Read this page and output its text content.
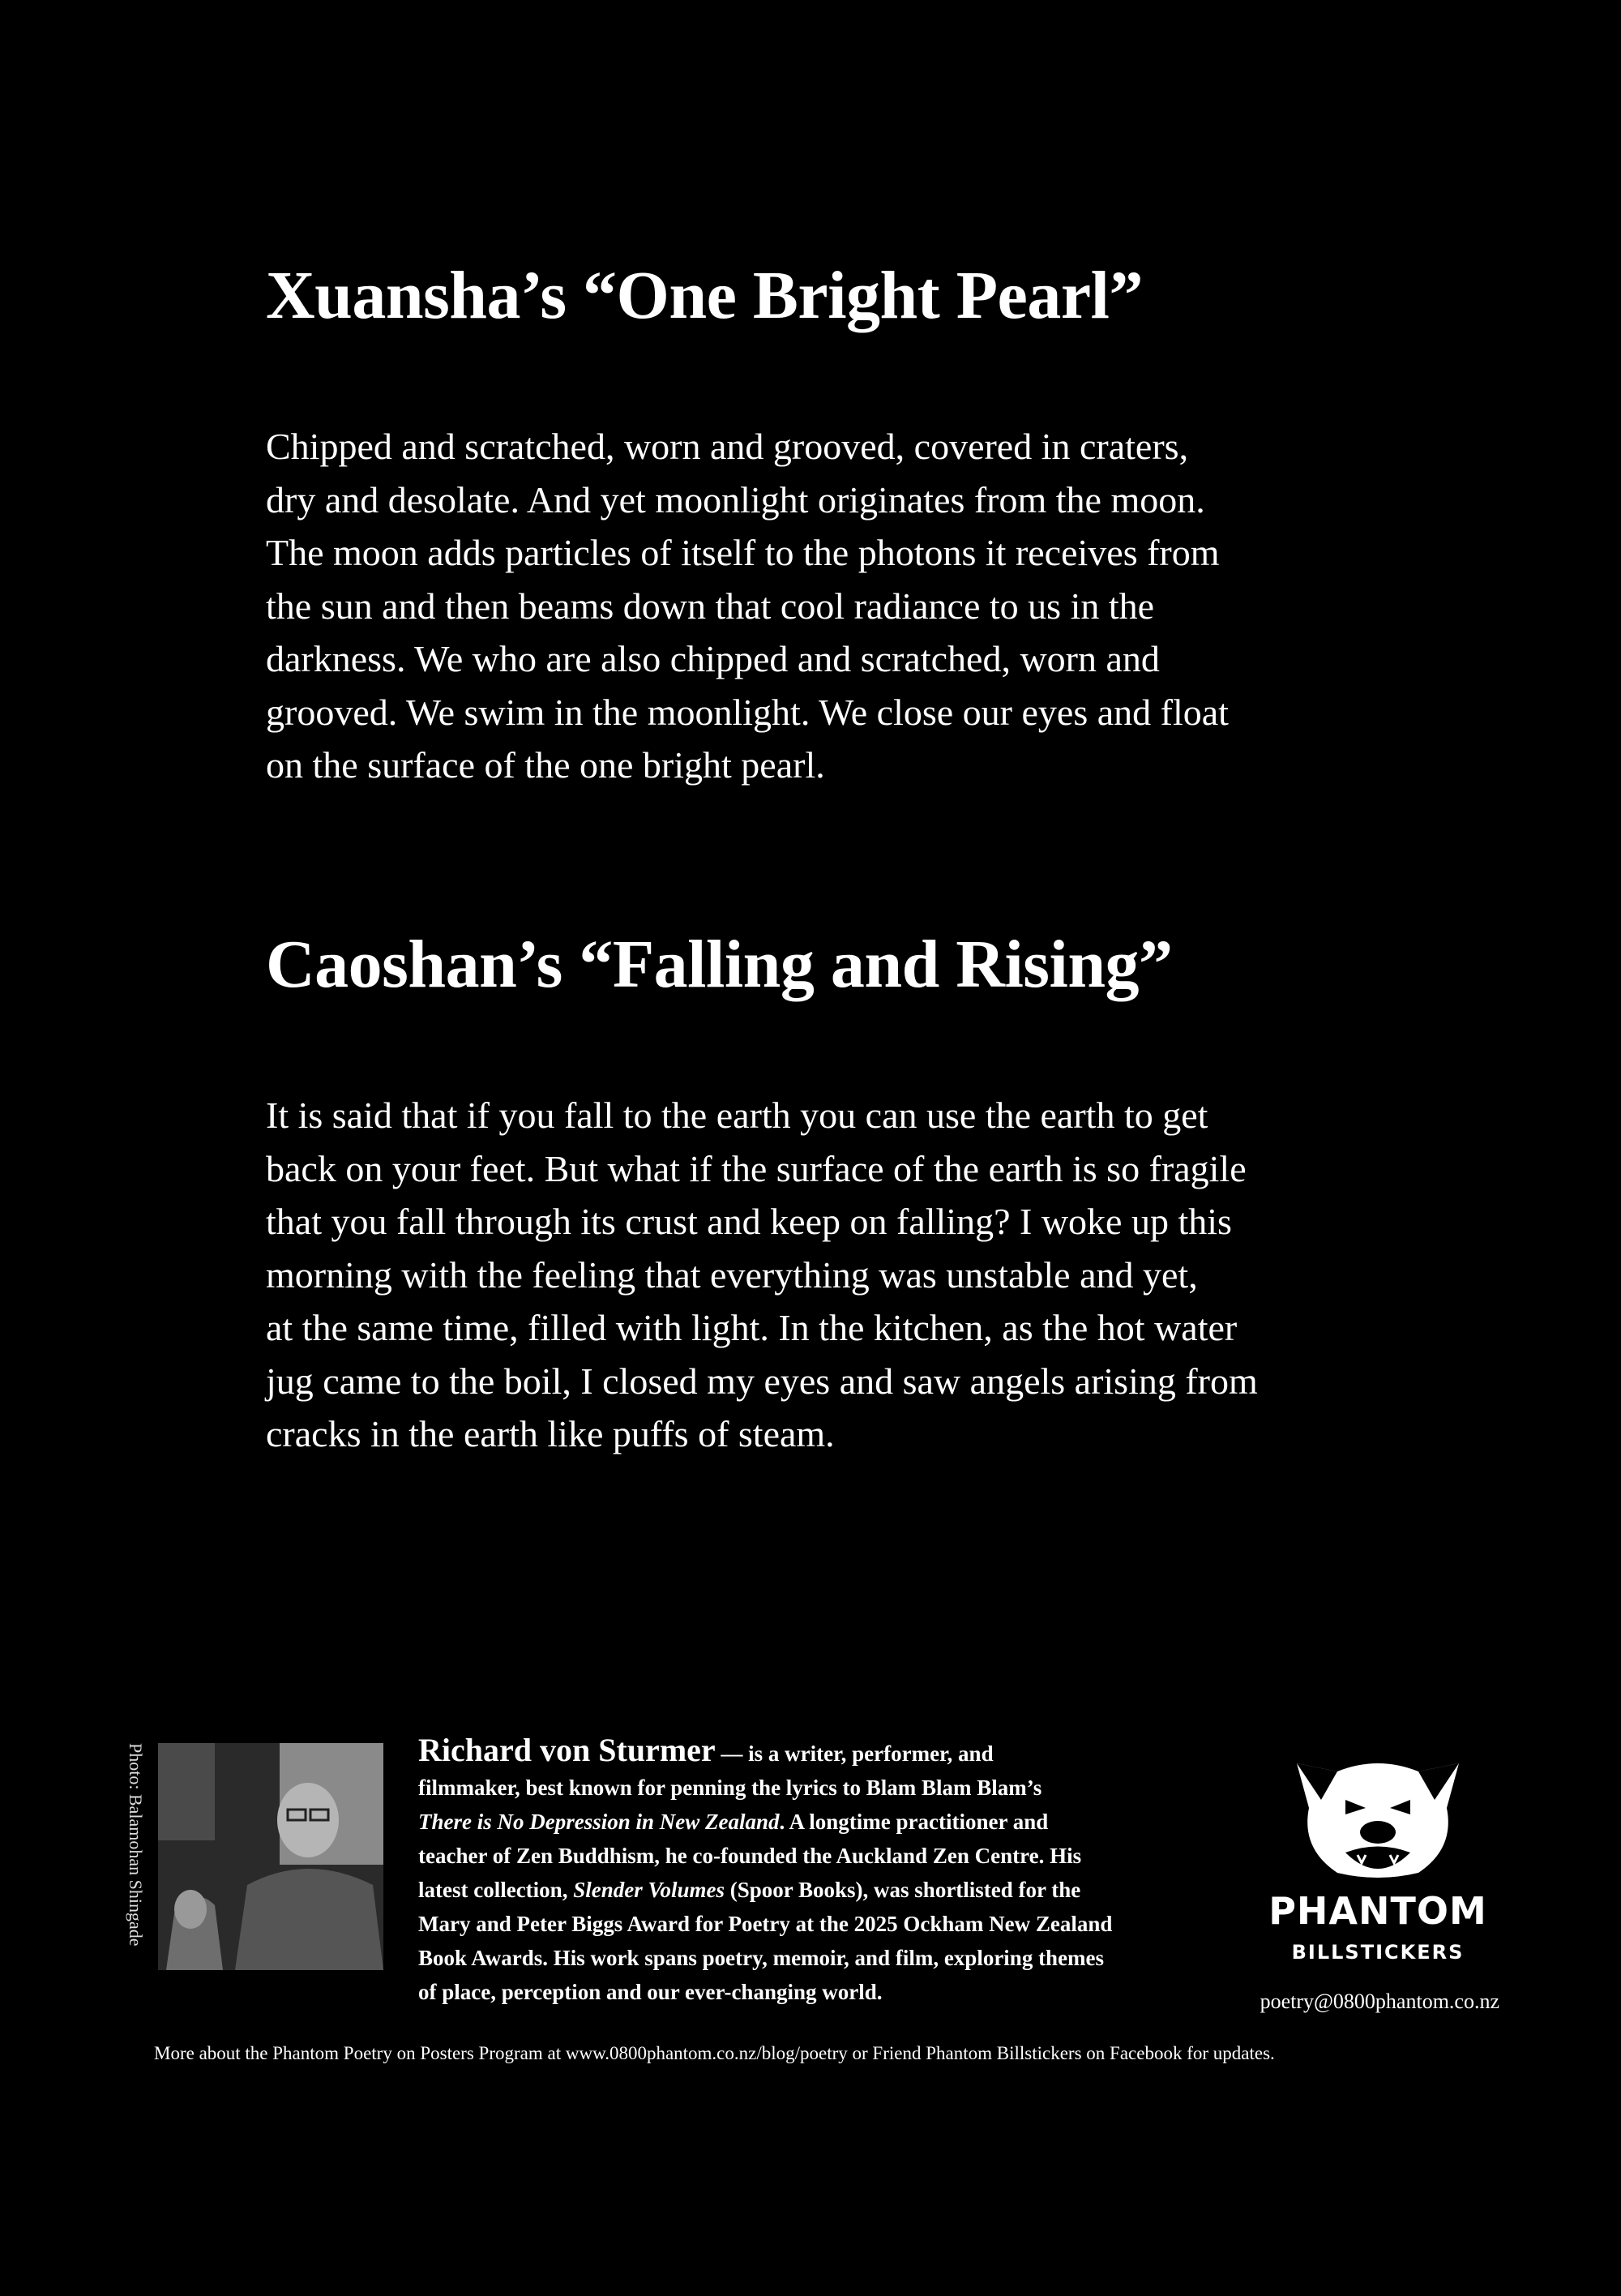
Xuansha’s “One Bright Pearl”
Chipped and scratched, worn and grooved, covered in craters,
dry and desolate. And yet moonlight originates from the moon.
The moon adds particles of itself to the photons it receives from
the sun and then beams down that cool radiance to us in the
darkness. We who are also chipped and scratched, worn and
grooved. We swim in the moonlight. We close our eyes and float
on the surface of the one bright pearl.
Caoshan’s “Falling and Rising”
It is said that if you fall to the earth you can use the earth to get
back on your feet. But what if the surface of the earth is so fragile
that you fall through its crust and keep on falling? I woke up this
morning with the feeling that everything was unstable and yet,
at the same time, filled with light. In the kitchen, as the hot water
jug came to the boil, I closed my eyes and saw angels arising from
cracks in the earth like puffs of steam.
Photo: Balamohan Shingade	Richard von Sturmer — is a writer, performer, and
filmmaker, best known for penning the lyrics to Blam Blam Blam’s
There is No Depression in New Zealand. A longtime practitioner and
teacher of Zen Buddhism, he co-founded the Auckland Zen Centre. His
latest collection, Slender Volumes (Spoor Books), was shortlisted for the
Mary and Peter Biggs Award for Poetry at the 2025 Ockham New Zealand
Book Awards. His work spans poetry, memoir, and film, exploring themes
of place, perception and our ever-changing world.
PHANTOM
BILLSTICKERS
poetry@0800phantom.co.nz
More about the Phantom Poetry on Posters Program at www.0800phantom.co.nz/blog/poetry or Friend Phantom Billstickers on Facebook for updates.
